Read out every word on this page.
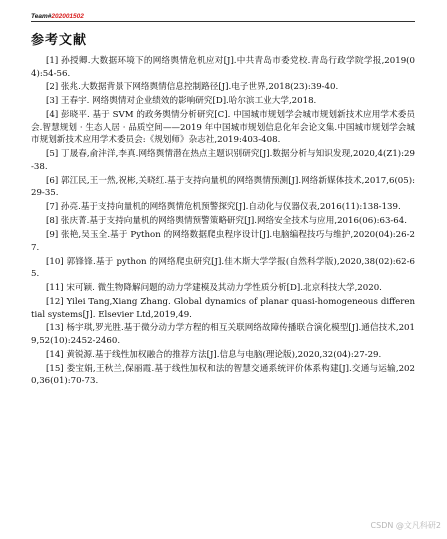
Team#202001502
参考文献
[1] 孙授卿.大数据环境下的网络舆情危机应对[J].中共青岛市委党校.青岛行政学院学报,2019(04):54-56.
[2] 张兆.大数据背景下网络舆情信息控制路径[J].电子世界,2018(23):39-40.
[3] 王春宇. 网络舆情对企业绩效的影响研究[D].哈尔滨工业大学,2018.
[4] 彭晓平. 基于 SVM 的政务舆情分析研究[C]. 中国城市规划学会城市规划新技术应用学术委员会.智慧规划 · 生态人居 · 品质空间——2019 年中国城市规划信息化年会论文集.中国城市规划学会城市规划新技术应用学术委员会:《规划师》杂志社,2019:403-408.
[5] 丁晟春,俞沣洋,李真.网络舆情潜在热点主题识别研究[J].数据分析与知识发现,2020,4(Z1):29-38.
[6] 郭江民,王一然,祝彬,关晓红.基于支持向量机的网络舆情预测[J].网络新媒体技术,2017,6(05):29-35.
[7] 孙亮.基于支持向量机的网络舆情危机预警探究[J].自动化与仪器仪表,2016(11):138-139.
[8] 张庆菁.基于支持向量机的网络舆情预警策略研究[J].网络安全技术与应用,2016(06):63-64.
[9] 张艳,吴玉全.基于 Python 的网络数据爬虫程序设计[J].电脑编程技巧与维护,2020(04):26-27.
[10] 郭锋锋.基于 python 的网络爬虫研究[J].佳木斯大学学报(自然科学版),2020,38(02):62-65.
[11] 宋可颖. 微生物降解问题的动力学建模及其动力学性质分析[D].北京科技大学,2020.
[12] Yilei Tang,Xiang Zhang. Global dynamics of planar quasi-homogeneous differential systems[J]. Elsevier Ltd,2019,49.
[13] 杨宇琪,罗光胜.基于微分动力学方程的相互关联网络故障传播联合演化模型[J].通信技术,2019,52(10):2452-2460.
[14] 黄锐源.基于线性加权融合的推荐方法[J].信息与电脑(理论版),2020,32(04):27-29.
[15] 娄宝娟,王秋兰,保丽霞.基于线性加权和法的智慧交通系统评价体系构建[J].交通与运输,2020,36(01):70-73.
CSDN @文凡科研2
